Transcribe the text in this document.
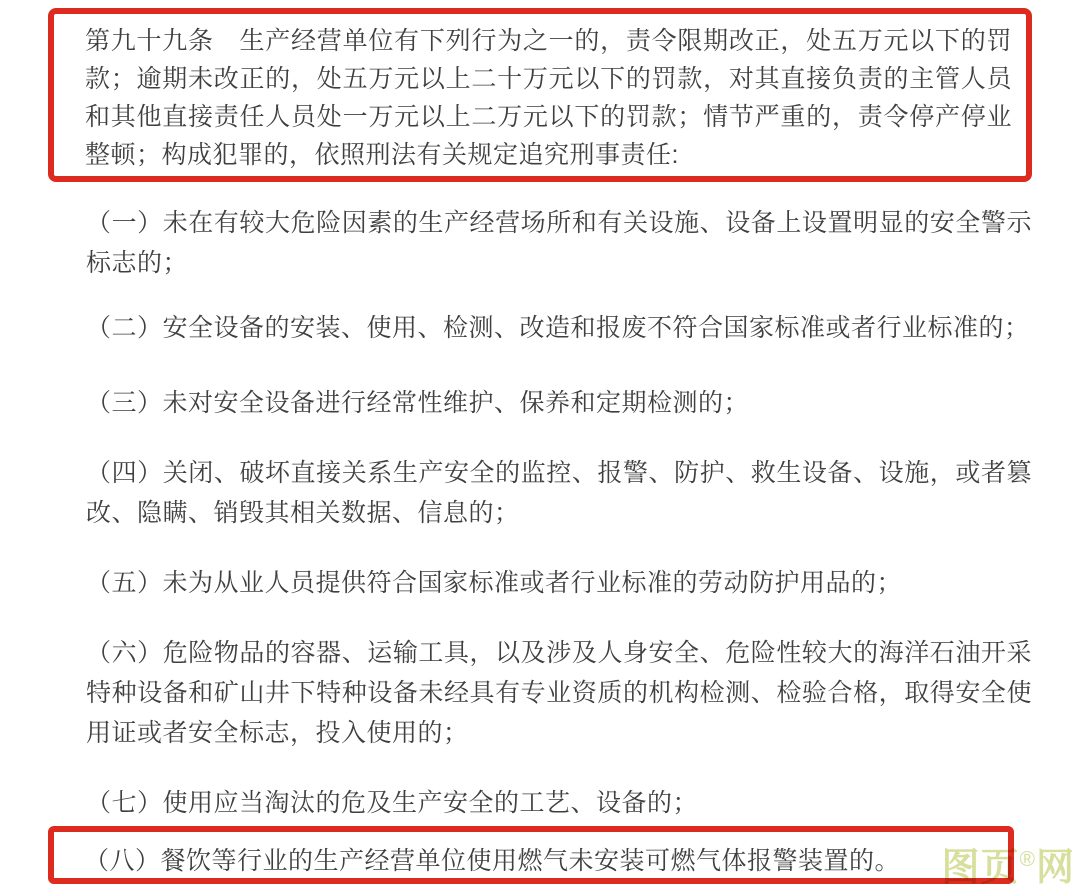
第九十九条　生产经营单位有下列行为之一的，责令限期改正，处五万元以下的罚款；逾期未改正的，处五万元以上二十万元以下的罚款，对其直接负责的主管人员和其他直接责任人员处一万元以上二万元以下的罚款；情节严重的，责令停产停业整顿；构成犯罪的，依照刑法有关规定追究刑事责任:

（一）未在有较大危险因素的生产经营场所和有关设施、设备上设置明显的安全警示标志的；

（二）安全设备的安装、使用、检测、改造和报废不符合国家标准或者行业标准的；

（三）未对安全设备进行经常性维护、保养和定期检测的；

（四）关闭、破坏直接关系生产安全的监控、报警、防护、救生设备、设施，或者篡改、隐瞒、销毁其相关数据、信息的；

（五）未为从业人员提供符合国家标准或者行业标准的劳动防护用品的；

（六）危险物品的容器、运输工具，以及涉及人身安全、危险性较大的海洋石油开采特种设备和矿山井下特种设备未经具有专业资质的机构检测、检验合格，取得安全使用证或者安全标志，投入使用的；

（七）使用应当淘汰的危及生产安全的工艺、设备的；

（八）餐饮等行业的生产经营单位使用燃气未安装可燃气体报警装置的。 图页®网
